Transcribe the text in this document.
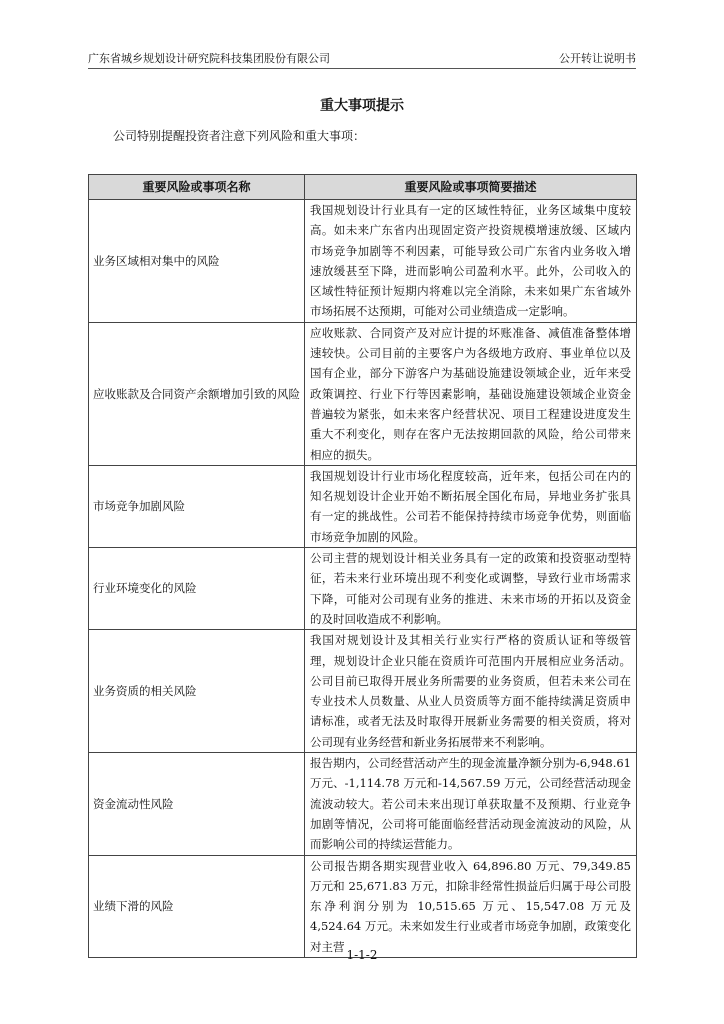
广东省城乡规划设计研究院科技集团股份有限公司	公开转让说明书
重大事项提示
公司特别提醒投资者注意下列风险和重大事项：
重要风险或事项名称	重要风险或事项简要描述
业务区域相对集中的风险	我国规划设计行业具有一定的区域性特征，业务区域集中度较高。如未来广东省内出现固定资产投资规模增速放缓、区域内市场竞争加剧等不利因素，可能导致公司广东省内业务收入增速放缓甚至下降，进而影响公司盈利水平。此外，公司收入的区域性特征预计短期内将难以完全消除，未来如果广东省域外市场拓展不达预期，可能对公司业绩造成一定影响。
应收账款及合同资产余额增加引致的风险	应收账款、合同资产及对应计提的坏账准备、减值准备整体增速较快。公司目前的主要客户为各级地方政府、事业单位以及国有企业，部分下游客户为基础设施建设领域企业，近年来受政策调控、行业下行等因素影响，基础设施建设领域企业资金普遍较为紧张，如未来客户经营状况、项目工程建设进度发生重大不利变化，则存在客户无法按期回款的风险，给公司带来相应的损失。
市场竞争加剧风险	我国规划设计行业市场化程度较高，近年来，包括公司在内的知名规划设计企业开始不断拓展全国化布局，异地业务扩张具有一定的挑战性。公司若不能保持持续市场竞争优势，则面临市场竞争加剧的风险。
行业环境变化的风险	公司主营的规划设计相关业务具有一定的政策和投资驱动型特征，若未来行业环境出现不利变化或调整，导致行业市场需求下降，可能对公司现有业务的推进、未来市场的开拓以及资金的及时回收造成不利影响。
业务资质的相关风险	我国对规划设计及其相关行业实行严格的资质认证和等级管理，规划设计企业只能在资质许可范围内开展相应业务活动。公司目前已取得开展业务所需要的业务资质，但若未来公司在专业技术人员数量、从业人员资质等方面不能持续满足资质申请标准，或者无法及时取得开展新业务需要的相关资质，将对公司现有业务经营和新业务拓展带来不利影响。
资金流动性风险	报告期内，公司经营活动产生的现金流量净额分别为-6,948.61 万元、-1,114.78 万元和-14,567.59 万元，公司经营活动现金流波动较大。若公司未来出现订单获取量不及预期、行业竞争加剧等情况，公司将可能面临经营活动现金流波动的风险，从而影响公司的持续运营能力。
业绩下滑的风险	公司报告期各期实现营业收入 64,896.80 万元、79,349.85 万元和 25,671.83 万元，扣除非经常性损益后归属于母公司股东净利润分别为 10,515.65 万元、15,547.08 万元及 4,524.64 万元。未来如发生行业或者市场竞争加剧，政策变化对主营
1-1-2
